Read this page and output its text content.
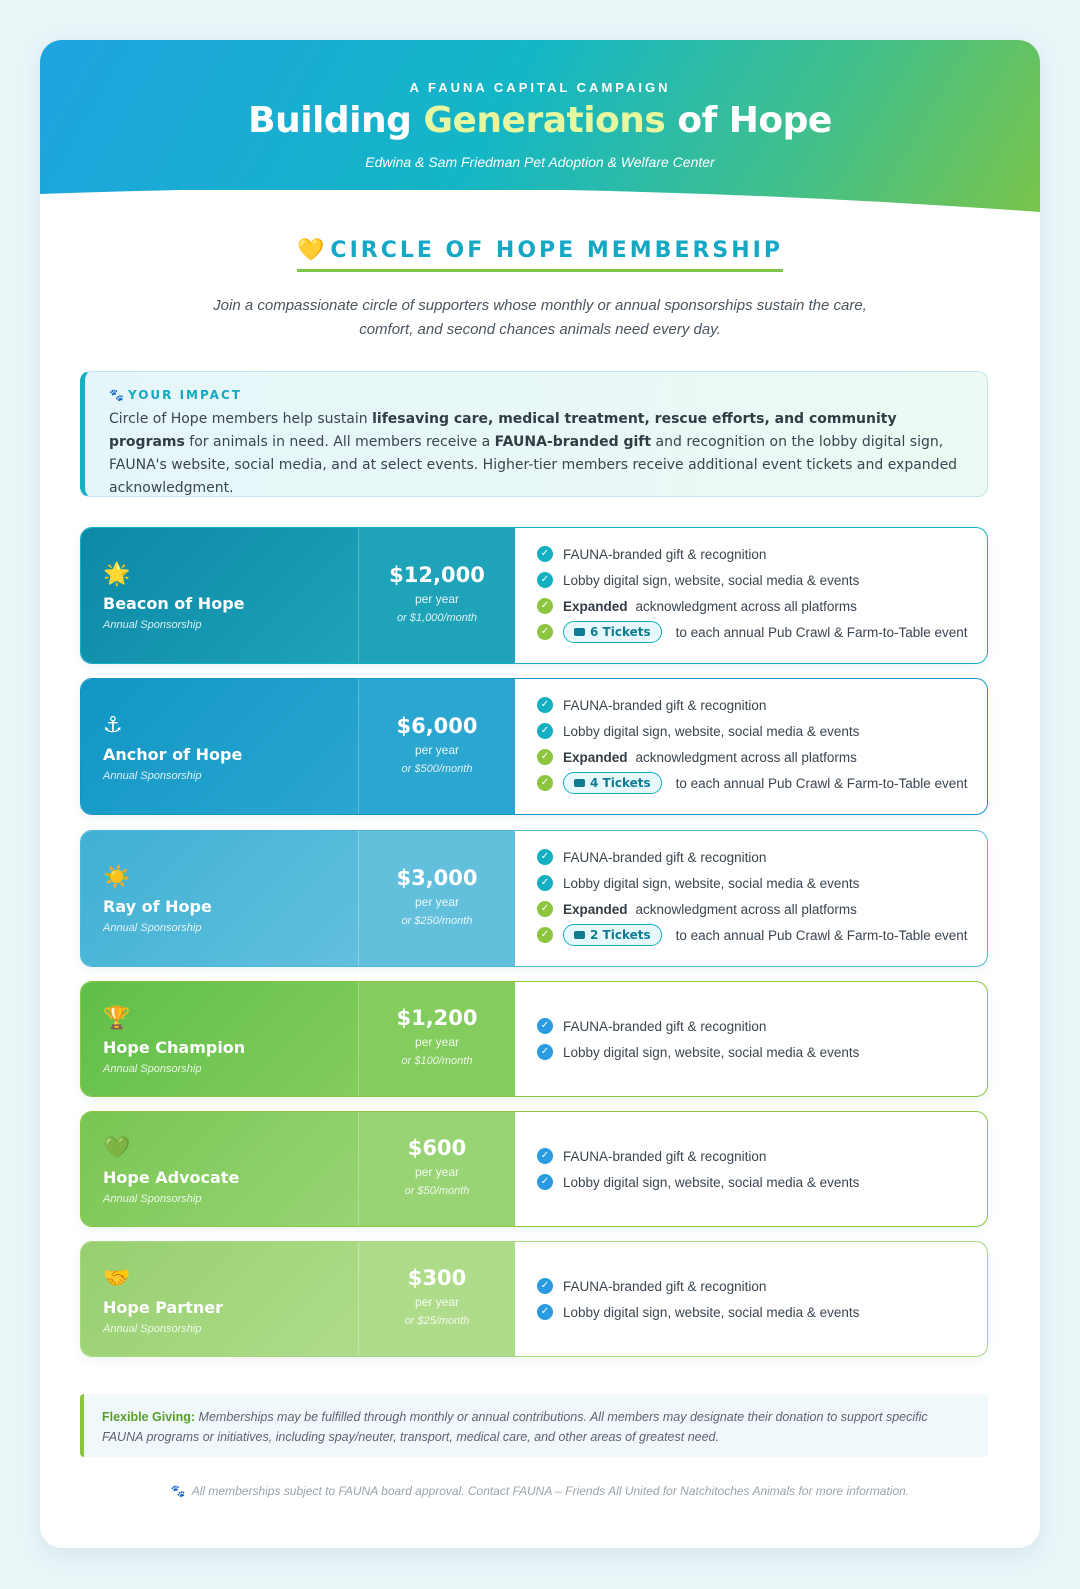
A FAUNA CAPITAL CAMPAIGN
Building Generations of Hope
Edwina & Sam Friedman Pet Adoption & Welfare Center
💛 CIRCLE OF HOPE MEMBERSHIP
Join a compassionate circle of supporters whose monthly or annual sponsorships sustain the care,
comfort, and second chances animals need every day.
🐾 YOUR IMPACT
Circle of Hope members help sustain lifesaving care, medical treatment, rescue efforts, and community programs for animals in need. All members receive a FAUNA-branded gift and recognition on the lobby digital sign, FAUNA's website, social media, and at select events. Higher-tier members receive additional event tickets and expanded acknowledgment.
🌟
Beacon of Hope
Annual Sponsorship
$12,000
per year
or $1,000/month
✓ FAUNA-branded gift & recognition
✓ Lobby digital sign, website, social media & events
✓ Expanded acknowledgment across all platforms
✓	6 Tickets to each annual Pub Crawl & Farm-to-Table event
⚓
Anchor of Hope
Annual Sponsorship
$6,000
per year
or $500/month
✓ FAUNA-branded gift & recognition
✓ Lobby digital sign, website, social media & events
✓ Expanded acknowledgment across all platforms
✓	4 Tickets to each annual Pub Crawl & Farm-to-Table event
☀️
Ray of Hope
Annual Sponsorship
$3,000
per year
or $250/month
✓ FAUNA-branded gift & recognition
✓ Lobby digital sign, website, social media & events
✓ Expanded acknowledgment across all platforms
✓	2 Tickets to each annual Pub Crawl & Farm-to-Table event
🏆
Hope Champion
Annual Sponsorship
$1,200
per year
or $100/month
✓ FAUNA-branded gift & recognition
✓ Lobby digital sign, website, social media & events
💚
Hope Advocate
Annual Sponsorship
$600
per year
or $50/month
✓ FAUNA-branded gift & recognition
✓ Lobby digital sign, website, social media & events
🤝
Hope Partner
Annual Sponsorship
$300
per year
or $25/month
✓ FAUNA-branded gift & recognition
✓ Lobby digital sign, website, social media & events
Flexible Giving: Memberships may be fulfilled through monthly or annual contributions. All members may designate their donation to support specific FAUNA programs or initiatives, including spay/neuter, transport, medical care, and other areas of greatest need.
🐾 All memberships subject to FAUNA board approval. Contact FAUNA – Friends All United for Natchitoches Animals for more information.
